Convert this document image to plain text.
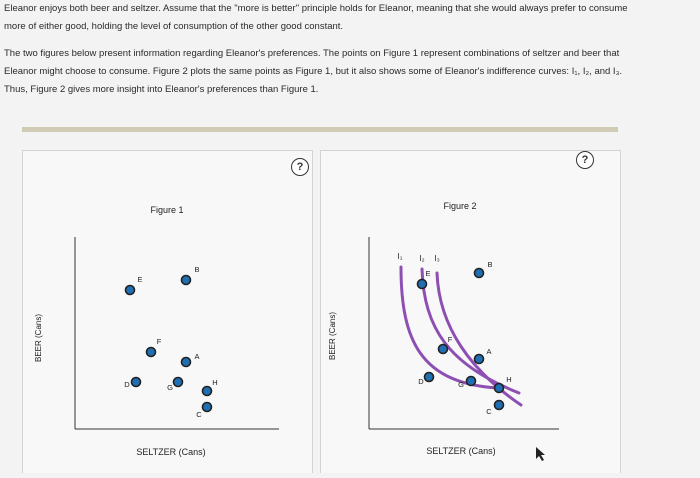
Eleanor enjoys both beer and seltzer. Assume that the "more is better" principle holds for Eleanor, meaning that she would always prefer to consume

more of either good, holding the level of consumption of the other good constant.

The two figures below present information regarding Eleanor's preferences. The points on Figure 1 represent combinations of seltzer and beer that

Eleanor might choose to consume. Figure 2 plots the same points as Figure 1, but it also shows some of Eleanor's indifference curves: I₁, I₂, and I₃.

Thus, Figure 2 gives more insight into Eleanor's preferences than Figure 1.

?
Figure 1
BEER (Cans)
SELTZER (Cans)
E
B
F
A
D	G
H
C
Figure 2
BEER (Cans)
SELTZER (Cans)
I₁ I₂ I₃
E
B
F
A
D	G
H
C
?
